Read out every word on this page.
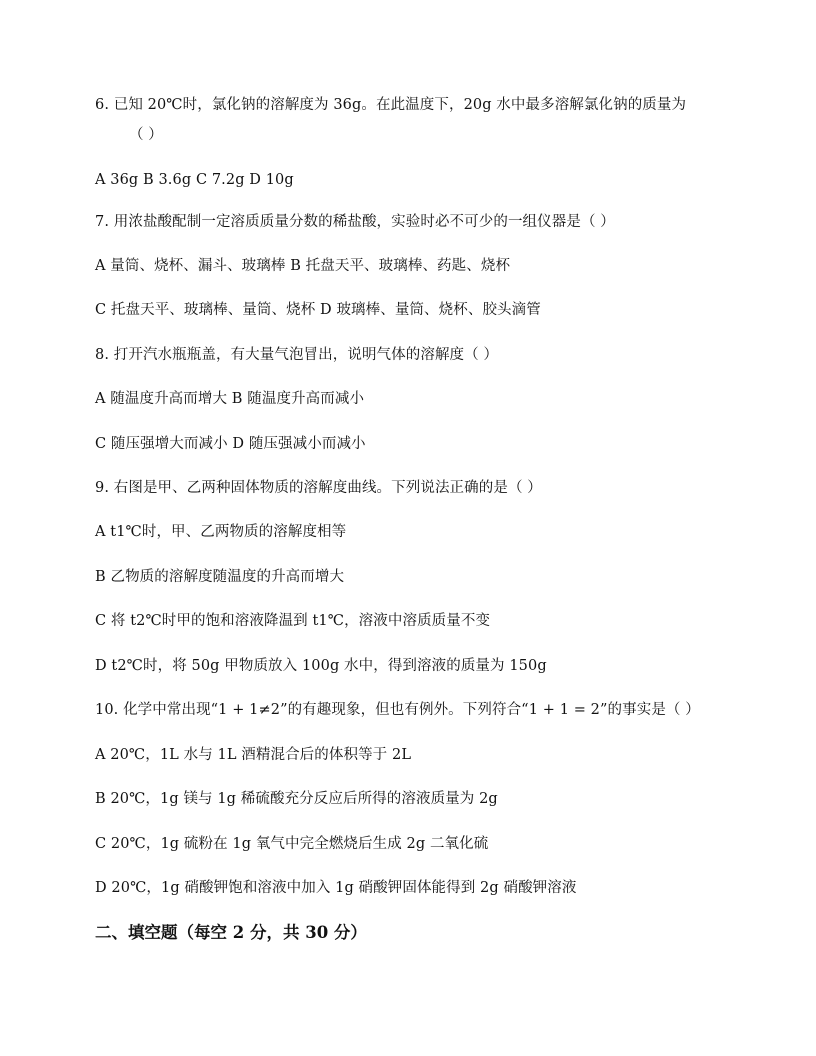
6. 已知 20℃时，氯化钠的溶解度为 36g。在此温度下，20g 水中最多溶解氯化钠的质量为
（ ）
A 36g B 3.6g C 7.2g D 10g
7. 用浓盐酸配制一定溶质质量分数的稀盐酸，实验时必不可少的一组仪器是（ ）
A 量筒、烧杯、漏斗、玻璃棒 B 托盘天平、玻璃棒、药匙、烧杯
C 托盘天平、玻璃棒、量筒、烧杯 D 玻璃棒、量筒、烧杯、胶头滴管
8. 打开汽水瓶瓶盖，有大量气泡冒出，说明气体的溶解度（ ）
A 随温度升高而增大 B 随温度升高而减小
C 随压强增大而减小 D 随压强减小而减小
9. 右图是甲、乙两种固体物质的溶解度曲线。下列说法正确的是（ ）
A t1℃时，甲、乙两物质的溶解度相等
B 乙物质的溶解度随温度的升高而增大
C 将 t2℃时甲的饱和溶液降温到 t1℃，溶液中溶质质量不变
D t2℃时，将 50g 甲物质放入 100g 水中，得到溶液的质量为 150g
10. 化学中常出现“1 + 1≠2”的有趣现象，但也有例外。下列符合“1 + 1 = 2”的事实是（ ）
A 20℃，1L 水与 1L 酒精混合后的体积等于 2L
B 20℃，1g 镁与 1g 稀硫酸充分反应后所得的溶液质量为 2g
C 20℃，1g 硫粉在 1g 氧气中完全燃烧后生成 2g 二氧化硫
D 20℃，1g 硝酸钾饱和溶液中加入 1g 硝酸钾固体能得到 2g 硝酸钾溶液
二、填空题（每空 2 分，共 30 分）
